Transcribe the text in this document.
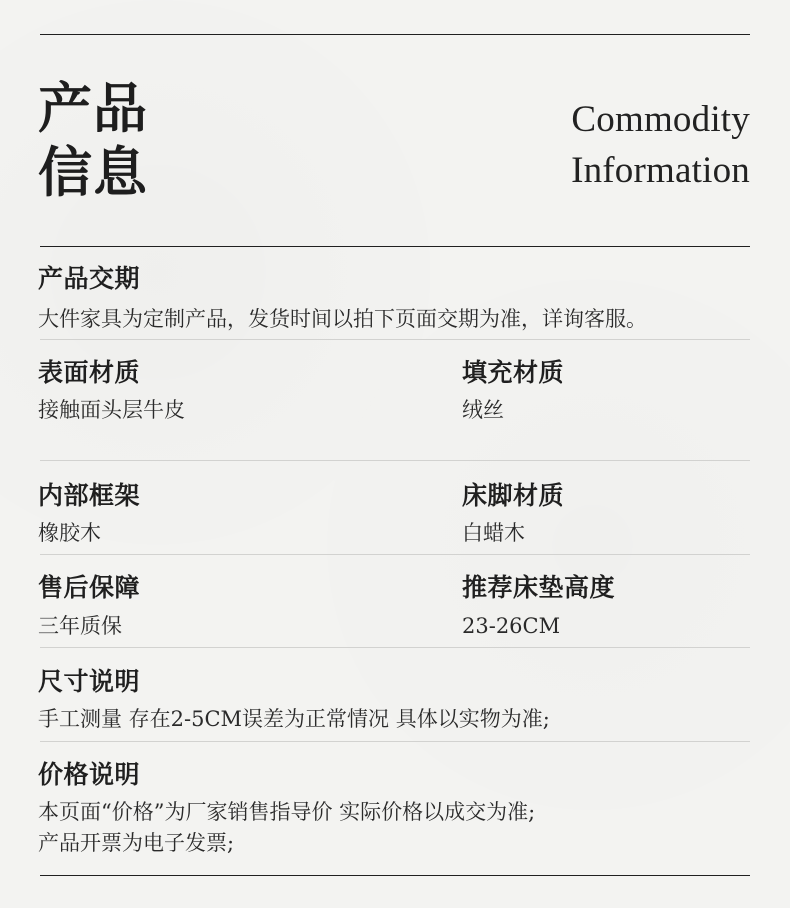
产品
信息
Commodity
Information
产品交期
大件家具为定制产品，发货时间以拍下页面交期为准，详询客服。
表面材质
接触面头层牛皮
填充材质
绒丝
内部框架
橡胶木
床脚材质
白蜡木
售后保障
三年质保
推荐床垫高度
23-26CM
尺寸说明
手工测量 存在2-5CM误差为正常情况 具体以实物为准;
价格说明
本页面“价格”为厂家销售指导价 实际价格以成交为准;
产品开票为电子发票;
